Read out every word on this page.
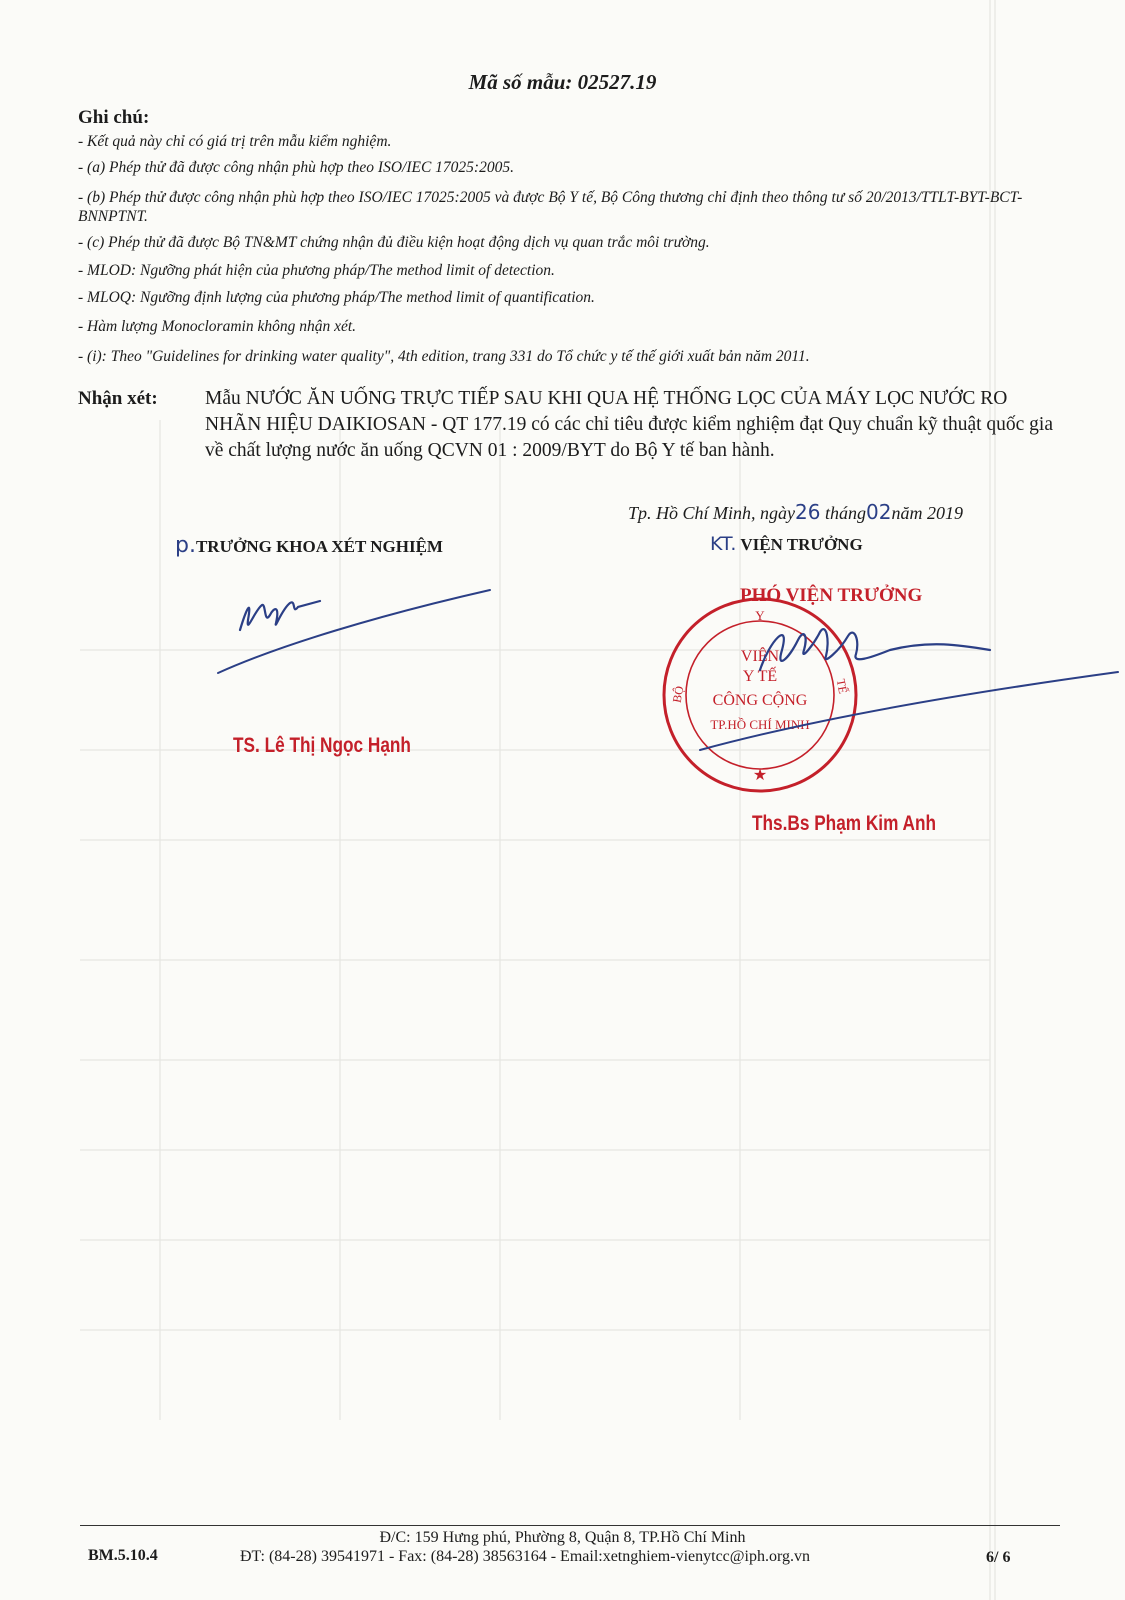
Mã số mẫu: 02527.19
Ghi chú:
- Kết quả này chỉ có giá trị trên mẫu kiểm nghiệm.
- (a) Phép thử đã được công nhận phù hợp theo ISO/IEC 17025:2005.
- (b) Phép thử được công nhận phù hợp theo ISO/IEC 17025:2005 và được Bộ Y tế, Bộ Công thương chỉ định theo thông tư số 20/2013/TTLT-BYT-BCT-BNNPTNT.
- (c) Phép thử đã được Bộ TN&MT chứng nhận đủ điều kiện hoạt động dịch vụ quan trắc môi trường.
- MLOD: Ngưỡng phát hiện của phương pháp/The method limit of detection.
- MLOQ: Ngưỡng định lượng của phương pháp/The method limit of quantification.
- Hàm lượng Monocloramin không nhận xét.
- (i): Theo "Guidelines for drinking water quality", 4th edition, trang 331 do Tổ chức y tế thế giới xuất bản năm 2011.
Nhận xét: Mẫu NƯỚC ĂN UỐNG TRỰC TIẾP SAU KHI QUA HỆ THỐNG LỌC CỦA MÁY LỌC NƯỚC RO NHÃN HIỆU DAIKIOSAN - QT 177.19 có các chỉ tiêu được kiểm nghiệm đạt Quy chuẩn kỹ thuật quốc gia về chất lượng nước ăn uống QCVN 01 : 2009/BYT do Bộ Y tế ban hành.
Tp. Hồ Chí Minh, ngày26 tháng02năm 2019
p.TRƯỞNG KHOA XÉT NGHIỆM
TS. Lê Thị Ngọc Hạnh
KT. VIỆN TRƯỞNG
PHÓ VIỆN TRƯỞNG
Y
BỘ	TẾ
VIỆN
Y TẾ
CÔNG CỘNG
TP.HỒ CHÍ MINH
★
Ths.Bs Phạm Kim Anh
Đ/C: 159 Hưng phú, Phường 8, Quận 8, TP.Hồ Chí Minh
BM.5.10.4	ĐT: (84-28) 39541971 - Fax: (84-28) 38563164 - Email:xetnghiem-vienytcc@iph.org.vn	6/ 6
